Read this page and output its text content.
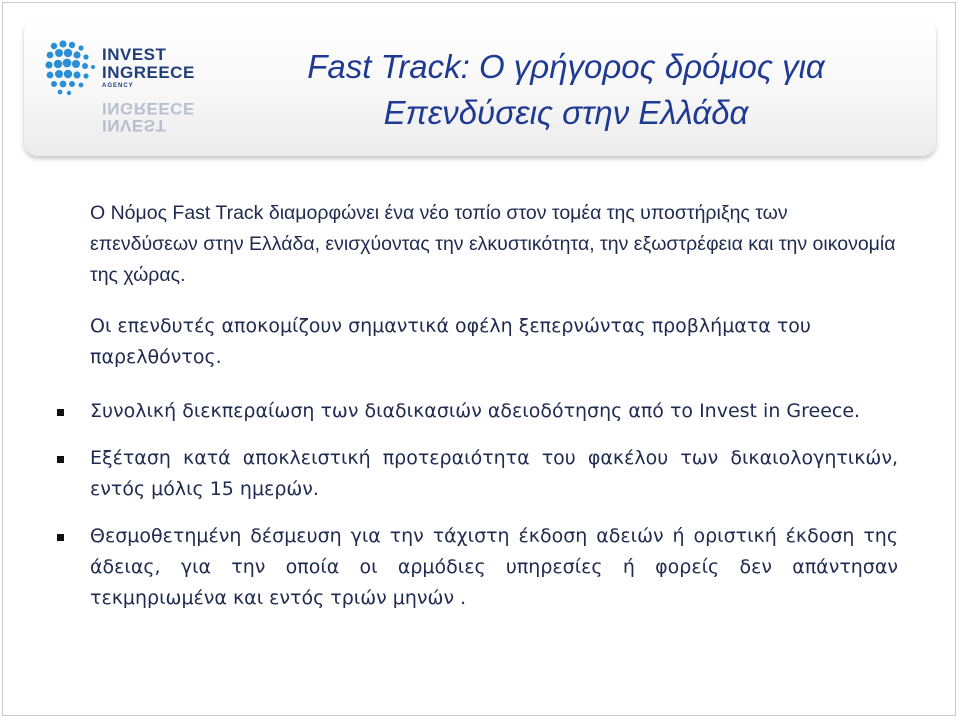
INVEST
INGREECE
AGENCY
INVEST
INGREECE
Fast Track: Ο γρήγορος δρόμος για
Επενδύσεις στην Ελλάδα

Ο Νόμος Fast Track διαμορφώνει ένα νέο τοπίο στον τομέα της υποστήριξης των επενδύσεων στην Ελλάδα, ενισχύοντας την ελκυστικότητα, την εξωστρέφεια και την οικονομία της χώρας.

Οι επενδυτές αποκομίζουν σημαντικά οφέλη ξεπερνώντας προβλήματα του παρελθόντος.

Συνολική διεκπεραίωση των διαδικασιών αδειοδότησης από το Invest in Greece.
Εξέταση κατά αποκλειστική προτεραιότητα του φακέλου των δικαιολογητικών, εντός μόλις 15 ημερών.
Θεσμοθετημένη δέσμευση για την τάχιστη έκδοση αδειών ή οριστική έκδοση της άδειας, για την οποία οι αρμόδιες υπηρεσίες ή φορείς δεν απάντησαν τεκμηριωμένα και εντός τριών μηνών .
